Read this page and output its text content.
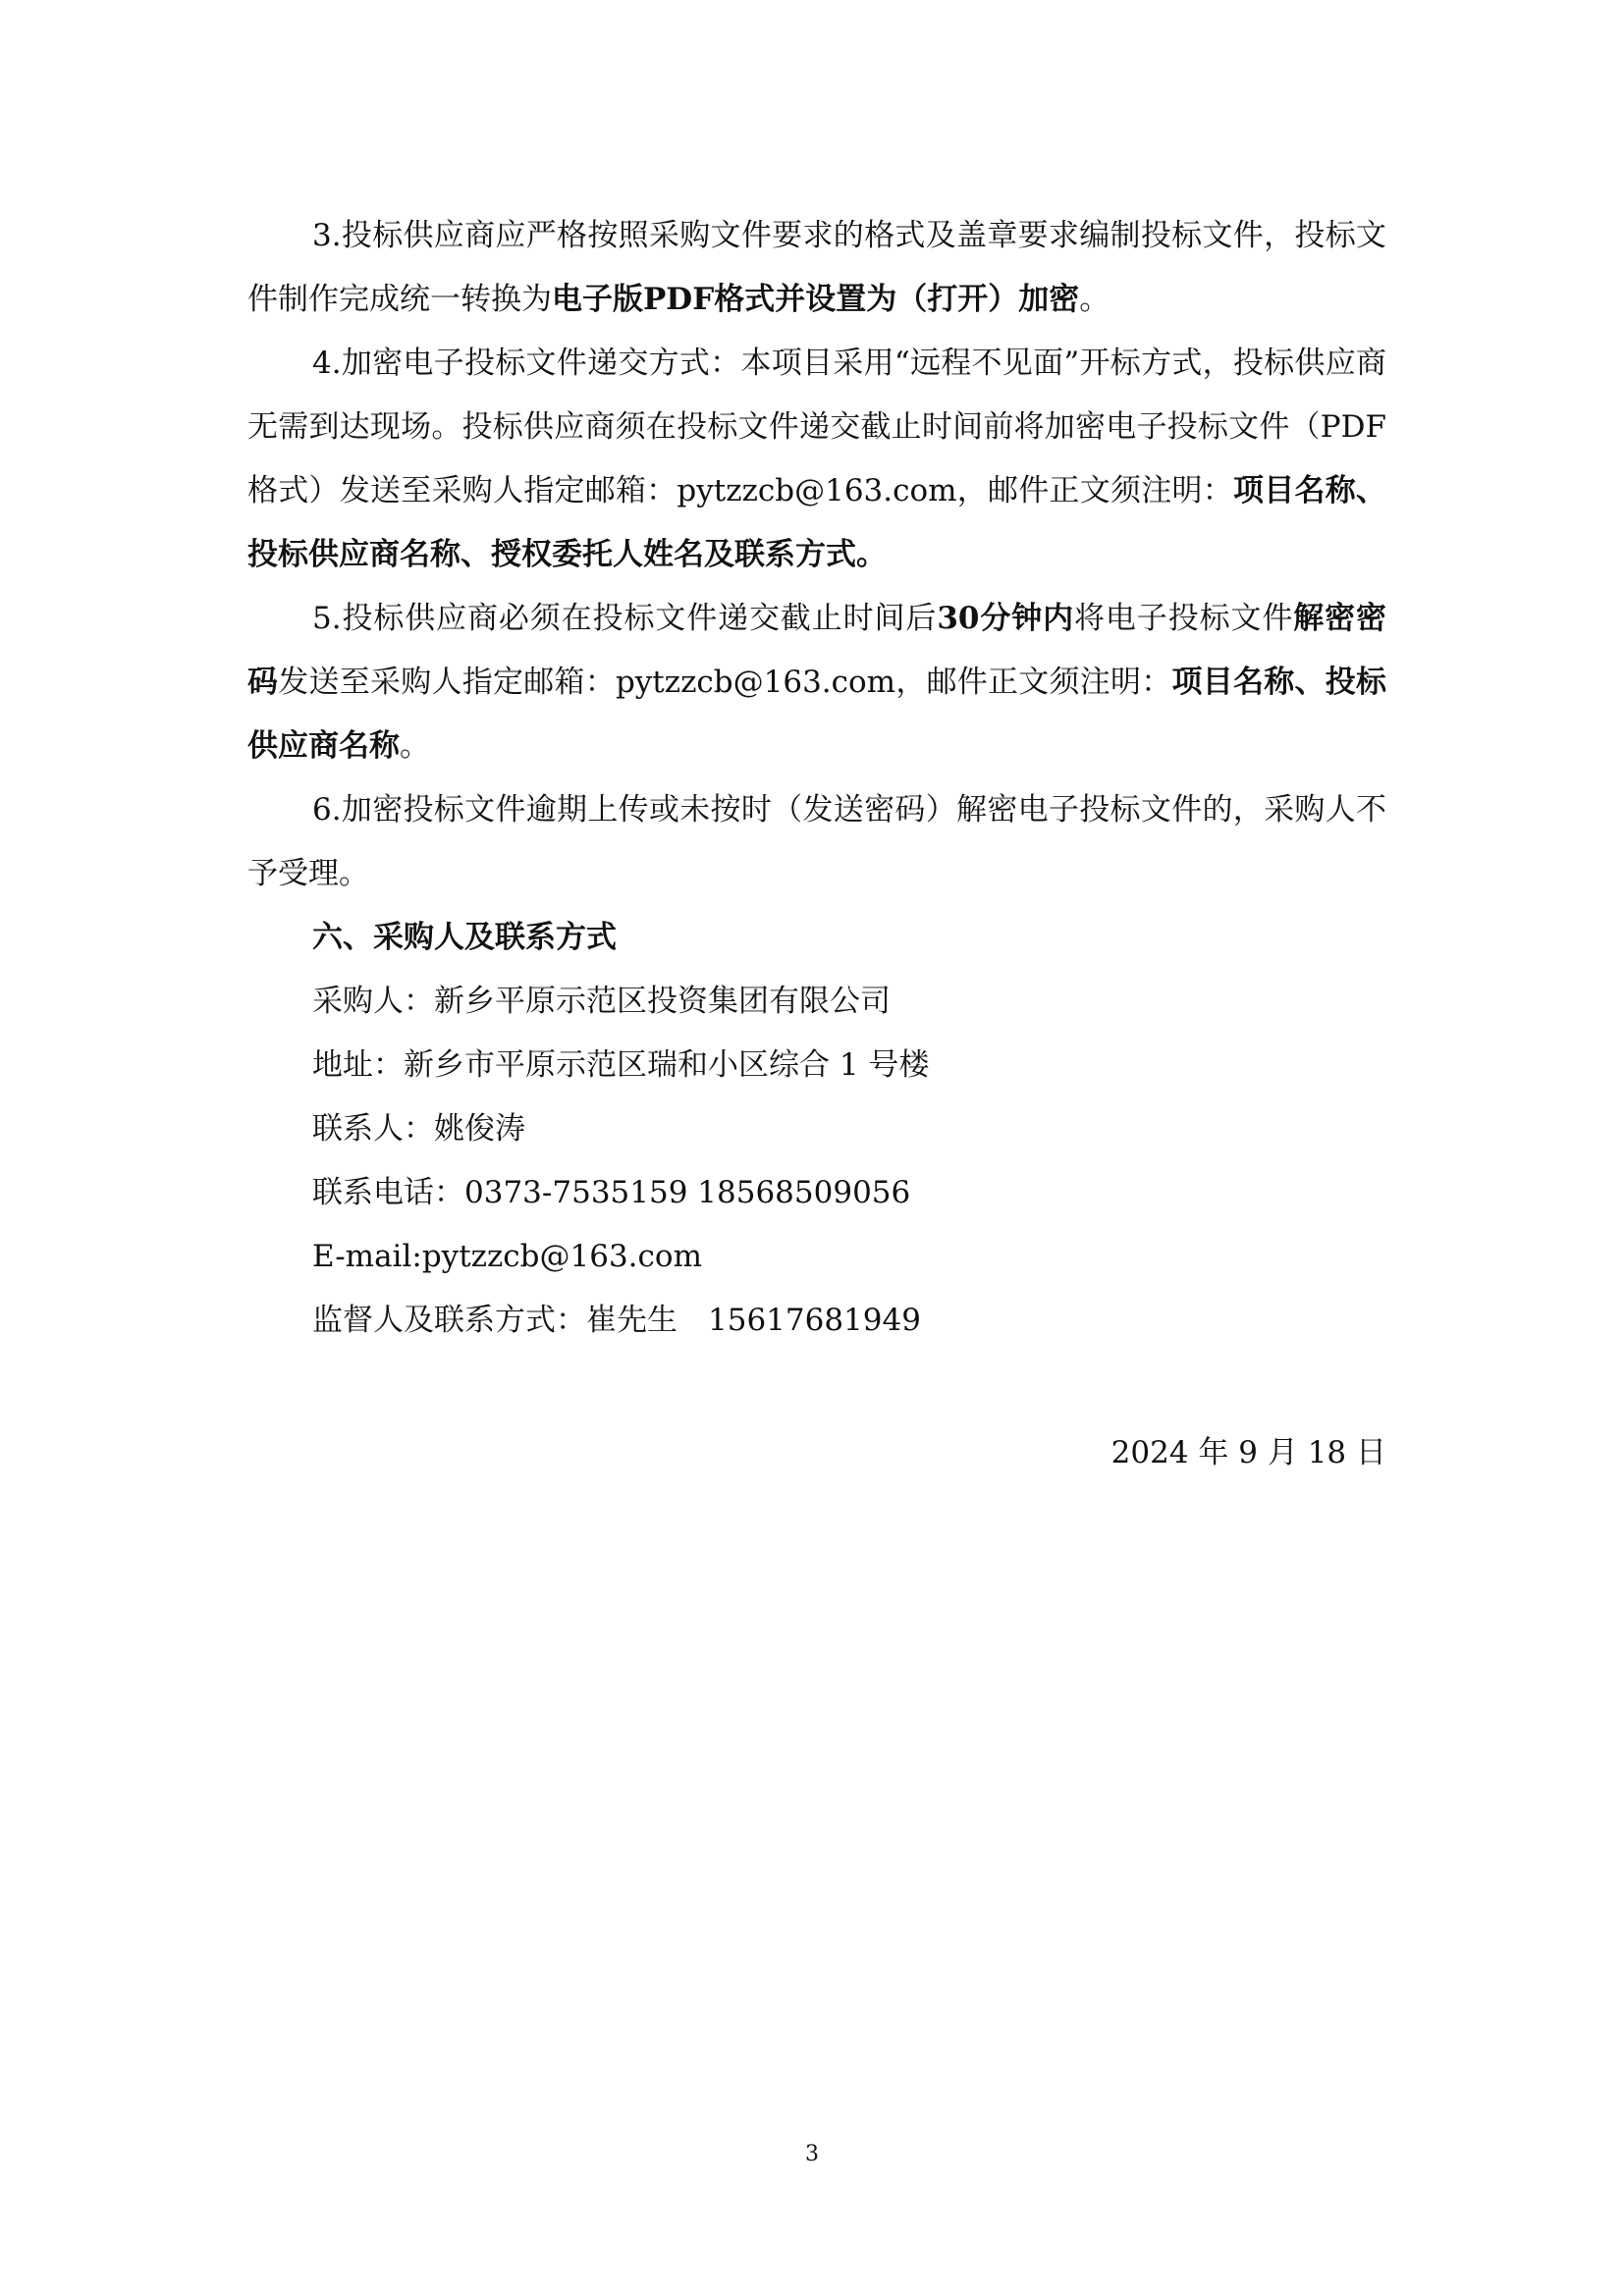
3.投标供应商应严格按照采购文件要求的格式及盖章要求编制投标文件，投标文件制作完成统一转换为电子版PDF格式并设置为（打开）加密。

4.加密电子投标文件递交方式：本项目采用“远程不见面”开标方式，投标供应商无需到达现场。投标供应商须在投标文件递交截止时间前将加密电子投标文件（PDF格式）发送至采购人指定邮箱：pytzzcb@163.com，邮件正文须注明：项目名称、投标供应商名称、授权委托人姓名及联系方式。

5.投标供应商必须在投标文件递交截止时间后30分钟内将电子投标文件解密密码发送至采购人指定邮箱：pytzzcb@163.com，邮件正文须注明：项目名称、投标供应商名称。

6.加密投标文件逾期上传或未按时（发送密码）解密电子投标文件的，采购人不予受理。

六、采购人及联系方式

采购人：新乡平原示范区投资集团有限公司

地址：新乡市平原示范区瑞和小区综合 1 号楼

联系人：姚俊涛

联系电话：0373-7535159 18568509056

E-mail:pytzzcb@163.com

监督人及联系方式：崔先生　15617681949

2024 年 9 月 18 日
3
